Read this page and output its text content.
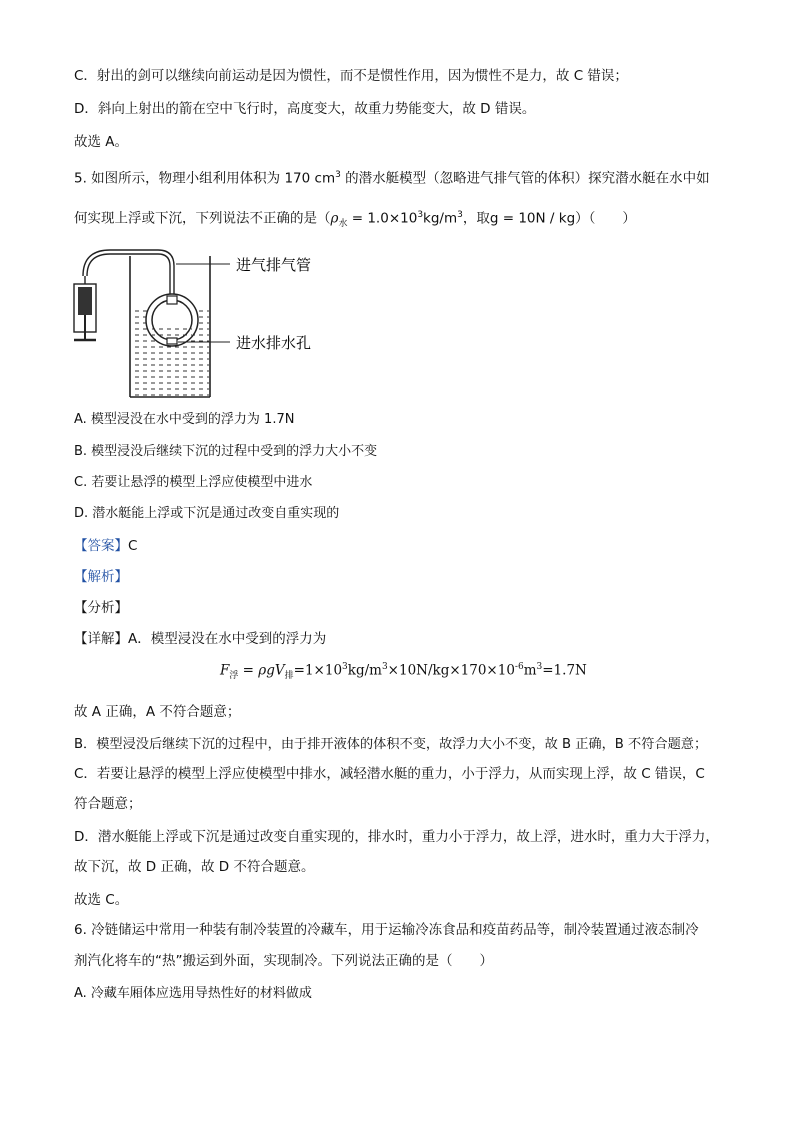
C．射出的剑可以继续向前运动是因为惯性，而不是惯性作用，因为惯性不是力，故 C 错误；
D．斜向上射出的箭在空中飞行时，高度变大，故重力势能变大，故 D 错误。
故选 A。
5. 如图所示，物理小组利用体积为 170 $cm^3$ 的潜水艇模型（忽略进气排气管的体积）探究潜水艇在水中如
何实现上浮或下沉，下列说法不正确的是（$\rho_水 = 1.0\times 10^3kg/m^3$，取g = 10N / kg）（　　）
进气排气管
进水排水孔
A. 模型浸没在水中受到的浮力为 1.7N
B. 模型浸没后继续下沉的过程中受到的浮力大小不变
C. 若要让悬浮的模型上浮应使模型中进水
D. 潜水艇能上浮或下沉是通过改变自重实现的
【答案】C
【解析】
【分析】
【详解】A．模型浸没在水中受到的浮力为
$F_浮 = \rho gV_排=1\times 10^3kg/m^3\times 10N/kg\times 170\times 10^{-6}m^3=1.7N$
故 A 正确，A 不符合题意；
B．模型浸没后继续下沉的过程中，由于排开液体的体积不变，故浮力大小不变，故 B 正确，B 不符合题意；
C．若要让悬浮的模型上浮应使模型中排水，减轻潜水艇的重力，小于浮力，从而实现上浮，故 C 错误，C
符合题意；
D．潜水艇能上浮或下沉是通过改变自重实现的，排水时，重力小于浮力，故上浮，进水时，重力大于浮力，
故下沉，故 D 正确，故 D 不符合题意。
故选 C。
6. 冷链储运中常用一种装有制冷装置的冷藏车，用于运输冷冻食品和疫苗药品等，制冷装置通过液态制冷
剂汽化将车的“热”搬运到外面，实现制冷。下列说法正确的是（　　）
A. 冷藏车厢体应选用导热性好的材料做成
